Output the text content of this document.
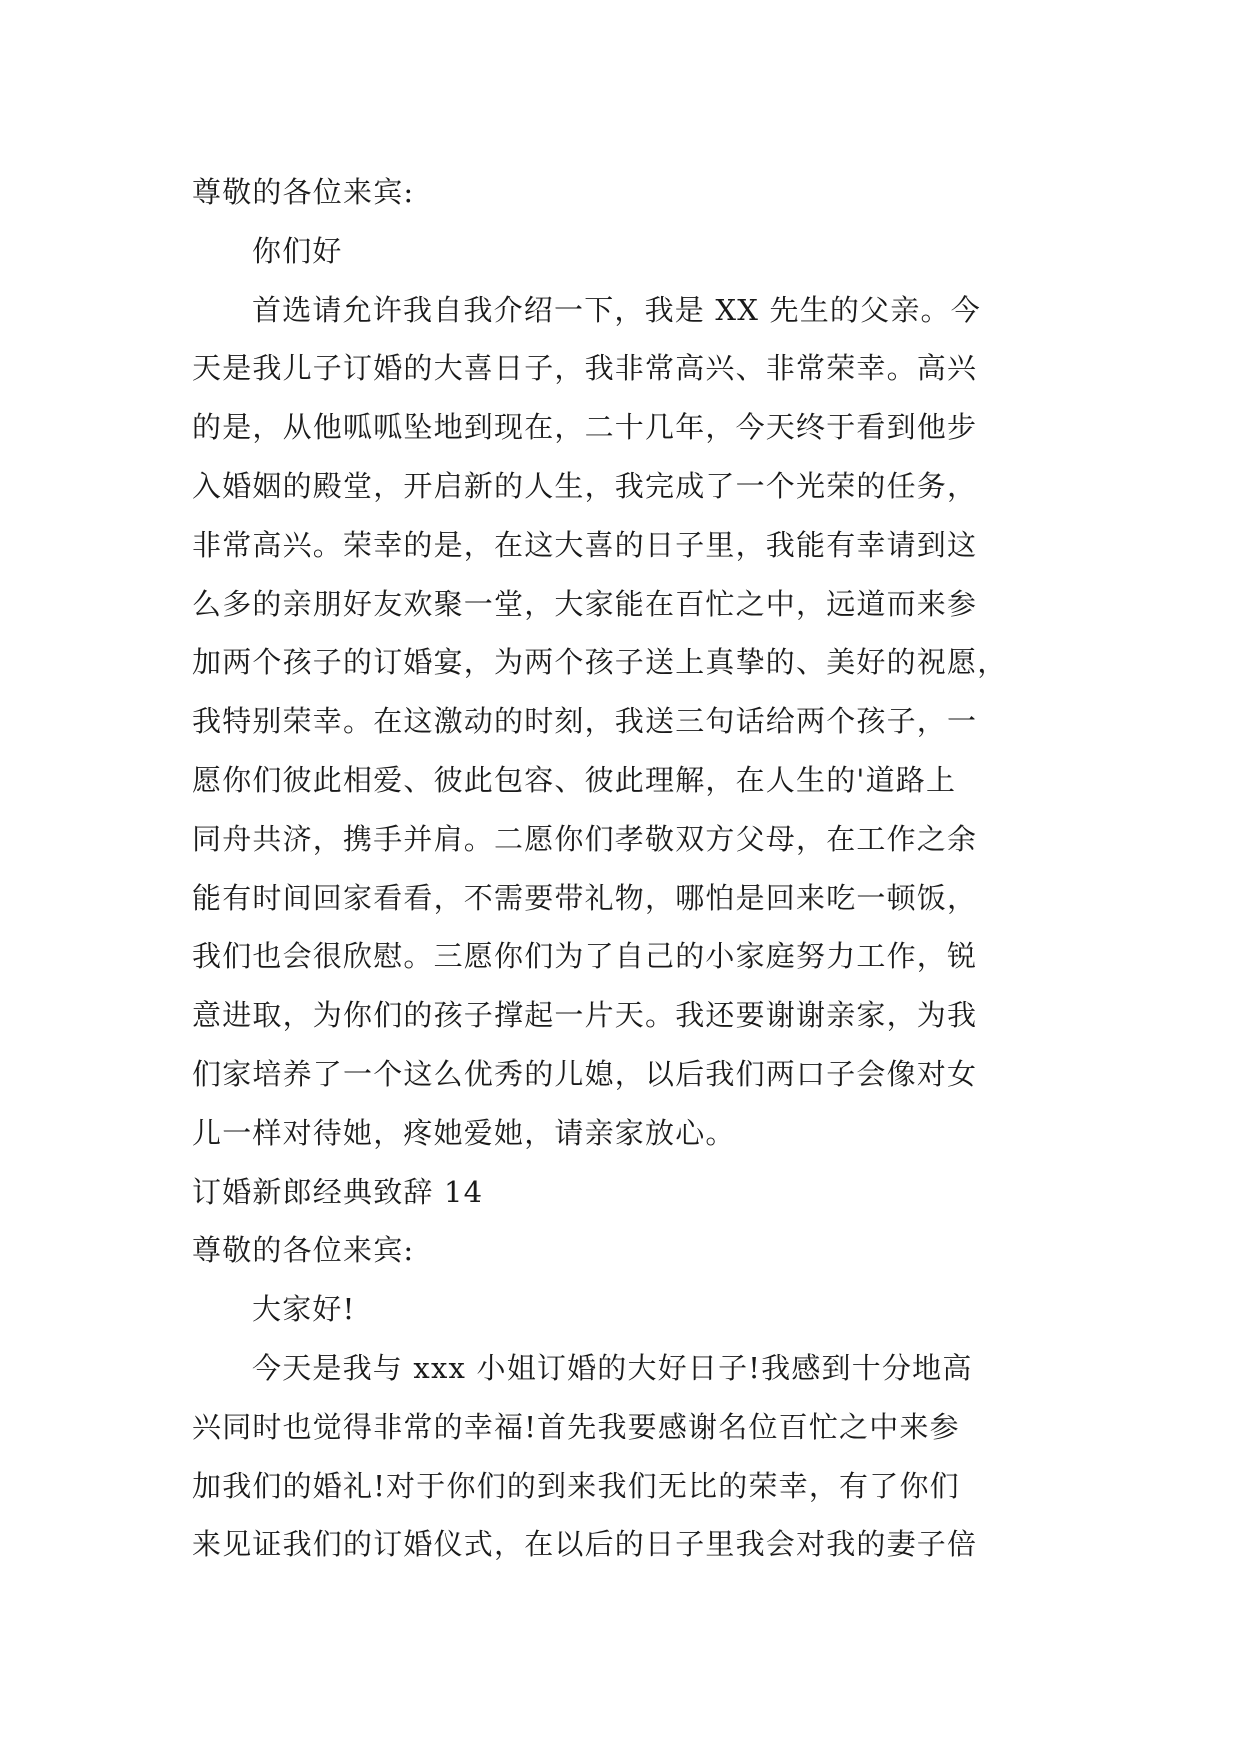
尊敬的各位来宾:
你们好
首选请允许我自我介绍一下，我是 XX 先生的父亲。今
天是我儿子订婚的大喜日子，我非常高兴、非常荣幸。高兴
的是，从他呱呱坠地到现在，二十几年，今天终于看到他步
入婚姻的殿堂，开启新的人生，我完成了一个光荣的任务，
非常高兴。荣幸的是，在这大喜的日子里，我能有幸请到这
么多的亲朋好友欢聚一堂，大家能在百忙之中，远道而来参
加两个孩子的订婚宴，为两个孩子送上真挚的、美好的祝愿，
我特别荣幸。在这激动的时刻，我送三句话给两个孩子，一
愿你们彼此相爱、彼此包容、彼此理解，在人生的'道路上
同舟共济，携手并肩。二愿你们孝敬双方父母，在工作之余
能有时间回家看看，不需要带礼物，哪怕是回来吃一顿饭，
我们也会很欣慰。三愿你们为了自己的小家庭努力工作，锐
意进取，为你们的孩子撑起一片天。我还要谢谢亲家，为我
们家培养了一个这么优秀的儿媳，以后我们两口子会像对女
儿一样对待她，疼她爱她，请亲家放心。
订婚新郎经典致辞 14
尊敬的各位来宾:
大家好!
今天是我与 xxx 小姐订婚的大好日子!我感到十分地高
兴同时也觉得非常的幸福!首先我要感谢名位百忙之中来参
加我们的婚礼!对于你们的到来我们无比的荣幸，有了你们
来见证我们的订婚仪式，在以后的日子里我会对我的妻子倍
